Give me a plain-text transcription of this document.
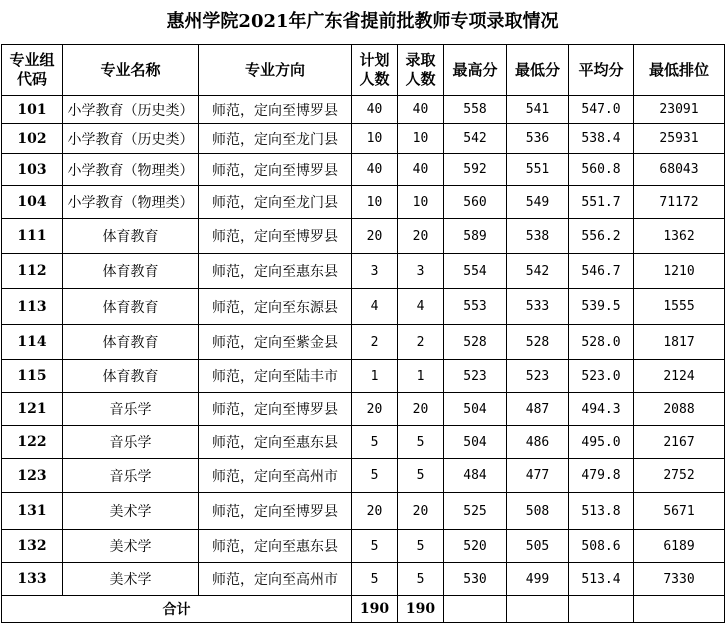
惠州学院2021年广东省提前批教师专项录取情况
专业组代码	专业名称	专业方向	计划人数	录取人数	最高分	最低分	平均分	最低排位
101	小学教育（历史类）	师范，定向至博罗县	40	40	558	541	547.0	23091
102	小学教育（历史类）	师范，定向至龙门县	10	10	542	536	538.4	25931
103	小学教育（物理类）	师范，定向至博罗县	40	40	592	551	560.8	68043
104	小学教育（物理类）	师范，定向至龙门县	10	10	560	549	551.7	71172
111	体育教育	师范，定向至博罗县	20	20	589	538	556.2	1362
112	体育教育	师范，定向至惠东县	3	3	554	542	546.7	1210
113	体育教育	师范，定向至东源县	4	4	553	533	539.5	1555
114	体育教育	师范，定向至紫金县	2	2	528	528	528.0	1817
115	体育教育	师范，定向至陆丰市	1	1	523	523	523.0	2124
121	音乐学	师范，定向至博罗县	20	20	504	487	494.3	2088
122	音乐学	师范，定向至惠东县	5	5	504	486	495.0	2167
123	音乐学	师范，定向至高州市	5	5	484	477	479.8	2752
131	美术学	师范，定向至博罗县	20	20	525	508	513.8	5671
132	美术学	师范，定向至惠东县	5	5	520	505	508.6	6189
133	美术学	师范，定向至高州市	5	5	530	499	513.4	7330
合计			190	190				
